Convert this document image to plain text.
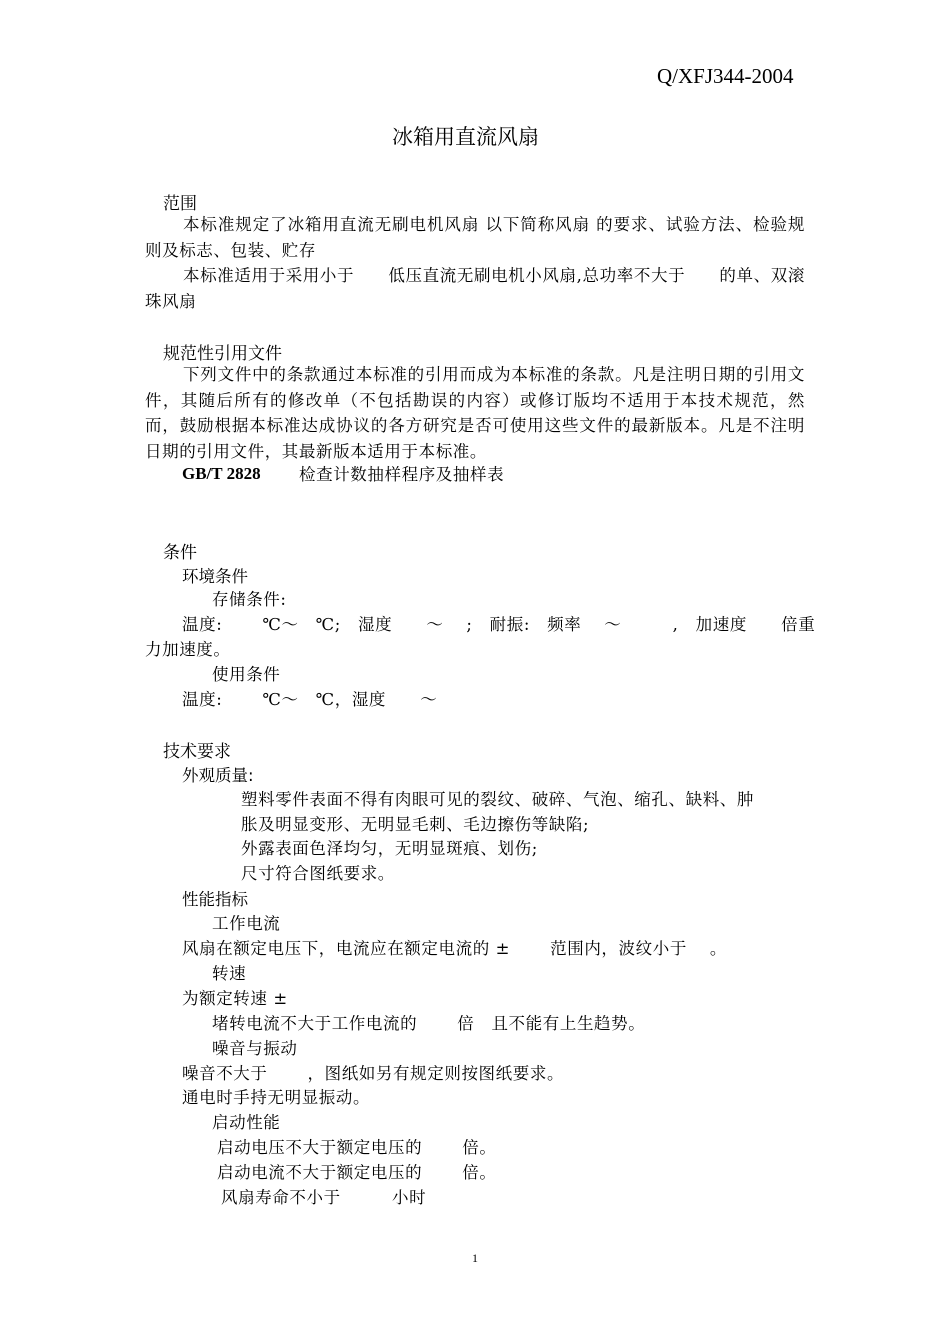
Q/XFJ344-2004
冰箱用直流风扇
范围
本标准规定了冰箱用直流无刷电机风扇 以下简称风扇 的要求、试验方法、检验规则及标志、包装、贮存
本标准适用于采用小于　　低压直流无刷电机小风扇,总功率不大于　　的单、双滚珠风扇
规范性引用文件
下列文件中的条款通过本标准的引用而成为本标准的条款。凡是注明日期的引用文件，其随后所有的修改单（不包括勘误的内容）或修订版均不适用于本技术规范，然而，鼓励根据本标准达成协议的各方研究是否可使用这些文件的最新版本。凡是不注明日期的引用文件，其最新版本适用于本标准。
GB/T 2828 检查计数抽样程序及抽样表
条件
环境条件
存储条件:
温度:　　 ℃～　℃;　湿度　　～　 ;　耐振:　频率　 ～　　　,　加速度　　倍重
力加速度。
使用条件
温度:　　 ℃～　℃，湿度　　～
技术要求
外观质量:
塑料零件表面不得有肉眼可见的裂纹、破碎、气泡、缩孔、缺料、肿
胀及明显变形、无明显毛刺、毛边擦伤等缺陷;
外露表面色泽均匀，无明显斑痕、划伤;
尺寸符合图纸要求。
性能指标
工作电流
风扇在额定电压下，电流应在额定电流的 ±　　 范围内，波纹小于　 。
转速
为额定转速 ±
堵转电流不大于工作电流的　　 倍　且不能有上生趋势。
噪音与振动
噪音不大于　　 ，图纸如另有规定则按图纸要求。
通电时手持无明显振动。
启动性能
启动电压不大于额定电压的　　 倍。
启动电流不大于额定电压的　　 倍。
风扇寿命不小于　　　小时
1
